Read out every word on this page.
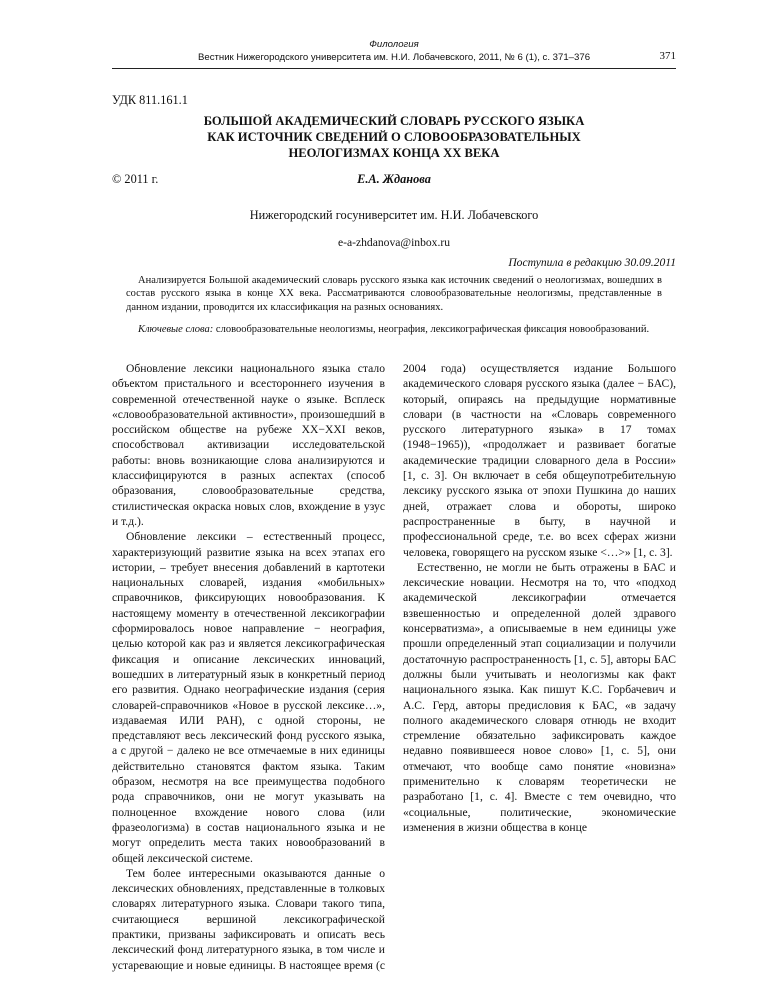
Филология
Вестник Нижегородского университета им. Н.И. Лобачевского, 2011, № 6 (1), с. 371–376	371
УДК 811.161.1
БОЛЬШОЙ АКАДЕМИЧЕСКИЙ СЛОВАРЬ РУССКОГО ЯЗЫКА
КАК ИСТОЧНИК СВЕДЕНИЙ О СЛОВООБРАЗОВАТЕЛЬНЫХ
НЕОЛОГИЗМАХ КОНЦА XX ВЕКА
© 2011 г.	Е.А. Жданова
Нижегородский госуниверситет им. Н.И. Лобачевского
e-a-zhdanova@inbox.ru
Поступила в редакцию 30.09.2011
Анализируется Большой академический словарь русского языка как источник сведений о неологизмах, вошедших в состав русского языка в конце XX века. Рассматриваются словообразовательные неологизмы, представленные в данном издании, проводится их классификация на разных основаниях.
Ключевые слова: словообразовательные неологизмы, неография, лексикографическая фиксация новообразований.

Обновление лексики национального языка стало объектом пристального и всестороннего изучения в современной отечественной науке о языке. Всплеск «словообразовательной активности», произошедший в российском обществе на рубеже XX−XXI веков, способствовал активизации исследовательской работы: вновь возникающие слова анализируются и классифицируются в разных аспектах (способ образования, словообразовательные средства, стилистическая окраска новых слов, вхождение в узус и т.д.).

Обновление лексики – естественный процесс, характеризующий развитие языка на всех этапах его истории, – требует внесения добавлений в картотеки национальных словарей, издания «мобильных» справочников, фиксирующих новообразования. К настоящему моменту в отечественной лексикографии сформировалось новое направление − неография, целью которой как раз и является лексикографическая фиксация и описание лексических инноваций, вошедших в литературный язык в конкретный период его развития. Однако неографические издания (серия словарей-справочников «Новое в русской лексике…», издаваемая ИЛИ РАН), с одной стороны, не представляют весь лексический фонд русского языка, а с другой − далеко не все отмечаемые в них единицы действительно становятся фактом языка. Таким образом, несмотря на все преимущества подобного рода справочников, они не могут указывать на полноценное вхождение нового слова (или фразеологизма) в состав национального языка и не могут определить места таких новообразований в общей лексической системе.

Тем более интересными оказываются данные о лексических обновлениях, представленные в толковых словарях литературного языка. Словари такого типа, считающиеся вершиной лексикографической практики, призваны зафиксировать и описать весь лексический фонд литературного языка, в том числе и устаревающие и новые единицы. В настоящее время (с 2004 года) осуществляется издание Большого академического словаря русского языка (далее − БАС), который, опираясь на предыдущие нормативные словари (в частности на «Словарь современного русского литературного языка» в 17 томах (1948−1965)), «продолжает и развивает богатые академические традиции словарного дела в России» [1, с. 3]. Он включает в себя общеупотребительную лексику русского языка от эпохи Пушкина до наших дней, отражает слова и обороты, широко распространенные в быту, в научной и профессиональной среде, т.е. во всех сферах жизни человека, говорящего на русском языке <…>» [1, с. 3].

Естественно, не могли не быть отражены в БАС и лексические новации. Несмотря на то, что «подход академической лексикографии отмечается взвешенностью и определенной долей здравого консерватизма», а описываемые в нем единицы уже прошли определенный этап социализации и получили достаточную распространенность [1, с. 5], авторы БАС должны были учитывать и неологизмы как факт национального языка. Как пишут К.С. Горбачевич и А.С. Герд, авторы предисловия к БАС, «в задачу полного академического словаря отнюдь не входит стремление обязательно зафиксировать каждое недавно появившееся новое слово» [1, с. 5], они отмечают, что вообще само понятие «новизна» применительно к словарям теоретически не разработано [1, с. 4]. Вместе с тем очевидно, что «социальные, политические, экономические изменения в жизни общества в конце
